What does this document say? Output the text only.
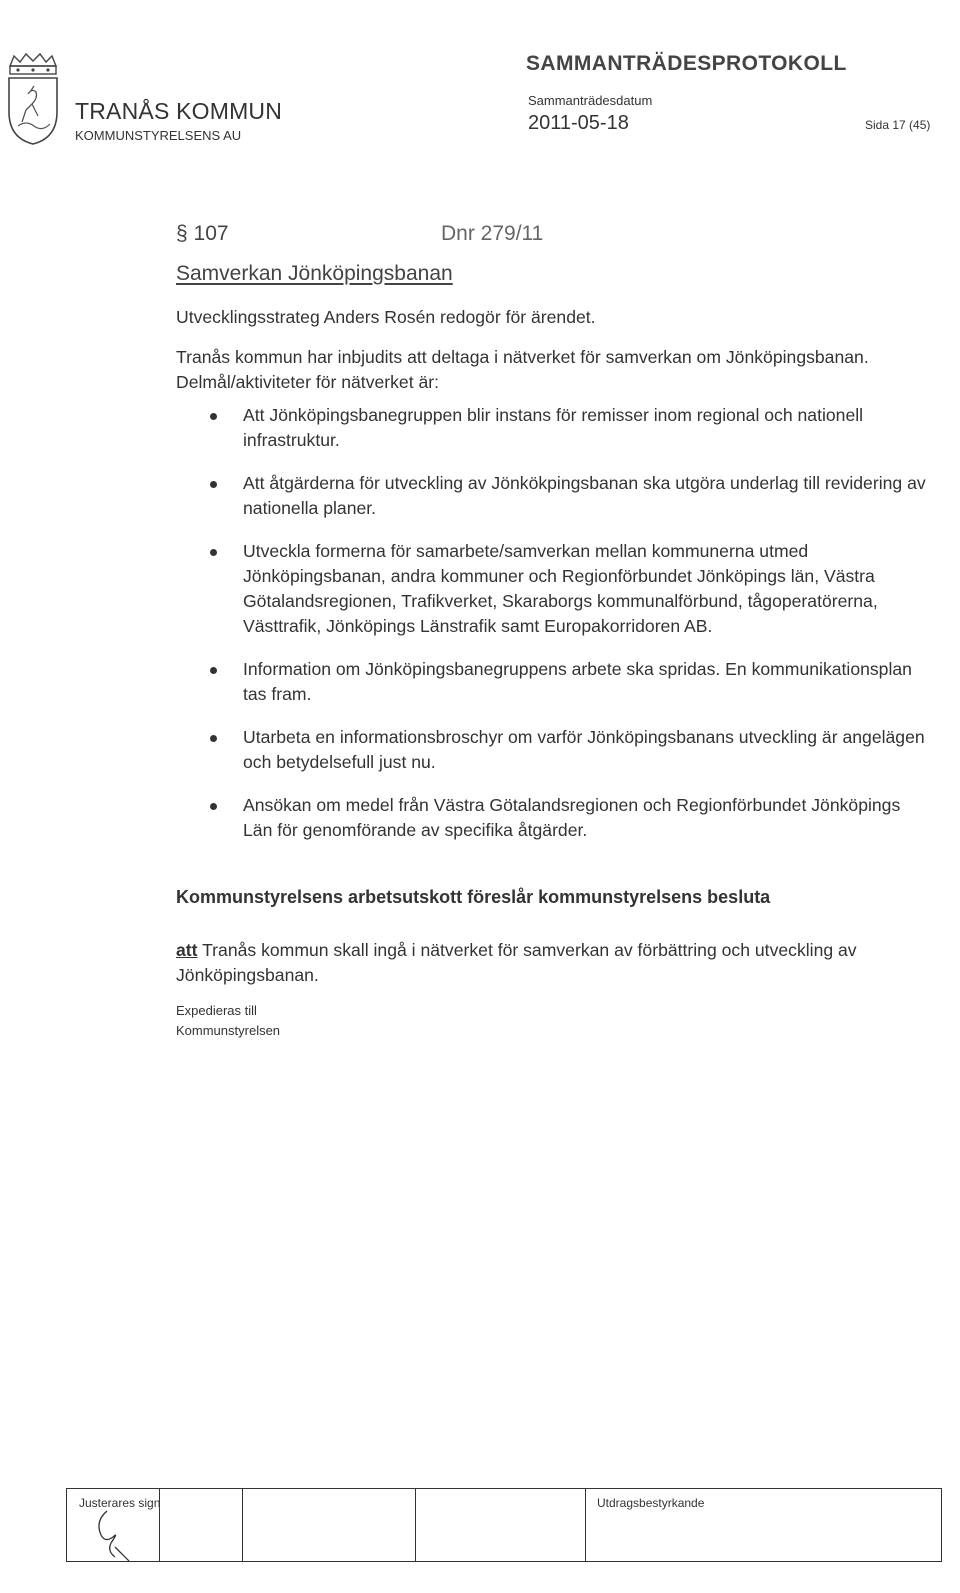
TRANÅS KOMMUN
KOMMUNSTYRELSENS AU
SAMMANTRÄDESPROTOKOLL
Sammanträdesdatum
2011-05-18	Sida 17 (45)
§ 107	Dnr 279/11
Samverkan Jönköpingsbanan
Utvecklingsstrateg Anders Rosén redogör för ärendet.
Tranås kommun har inbjudits att deltaga i nätverket för samverkan om Jönköpingsbanan. Delmål/aktiviteter för nätverket är:
Att Jönköpingsbanegruppen blir instans för remisser inom regional och nationell infrastruktur.
Att åtgärderna för utveckling av Jönkökpingsbanan ska utgöra underlag till revidering av nationella planer.
Utveckla formerna för samarbete/samverkan mellan kommunerna utmed Jönköpingsbanan, andra kommuner och Regionförbundet Jönköpings län, Västra Götalandsregionen, Trafikverket, Skaraborgs kommunalförbund, tågoperatörerna, Västtrafik, Jönköpings Länstrafik samt Europakorridoren AB.
Information om Jönköpingsbanegruppens arbete ska spridas. En kommunikationsplan tas fram.
Utarbeta en informationsbroschyr om varför Jönköpingsbanans utveckling är angelägen och betydelsefull just nu.
Ansökan om medel från Västra Götalandsregionen och Regionförbundet Jönköpings Län för genomförande av specifika åtgärder.
Kommunstyrelsens arbetsutskott föreslår kommunstyrelsens besluta
att Tranås kommun skall ingå i nätverket för samverkan av förbättring och utveckling av Jönköpingsbanan.
Expedieras till
Kommunstyrelsen
Justerares sign	Utdragsbestyrkande
